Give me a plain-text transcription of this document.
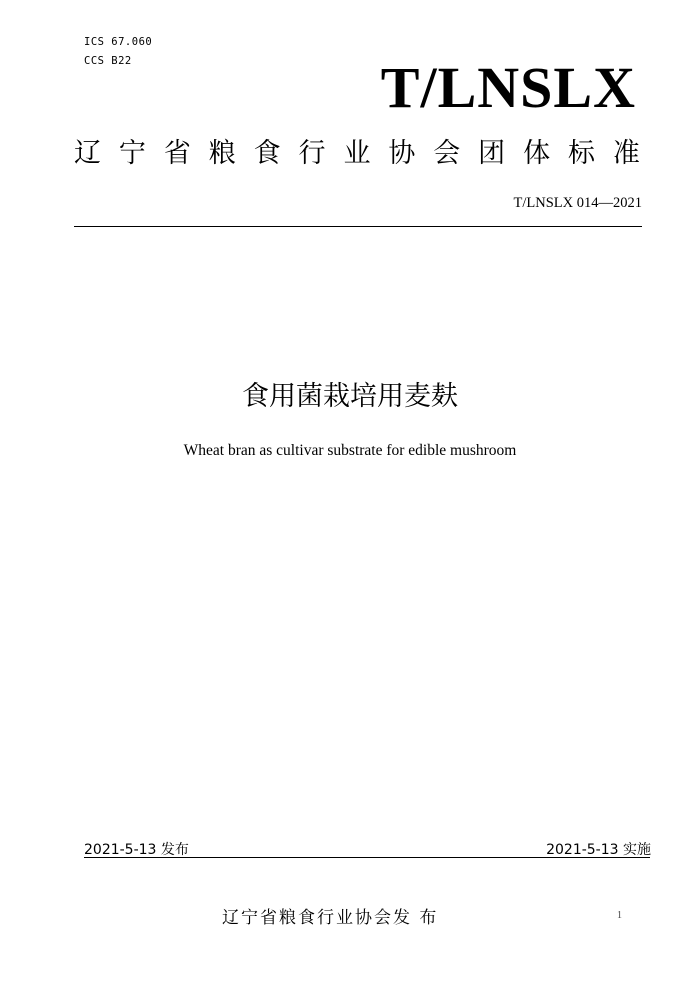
ICS 67.060
CCS B22	T/LNSLX
辽 宁 省 粮 食 行 业 协 会 团 体 标 准
T/LNSLX 014—2021
食用菌栽培用麦麸
Wheat bran as cultivar substrate for edible mushroom
2021-5-13 发布	2021-5-13 实施
辽宁省粮食行业协会发 布	1
